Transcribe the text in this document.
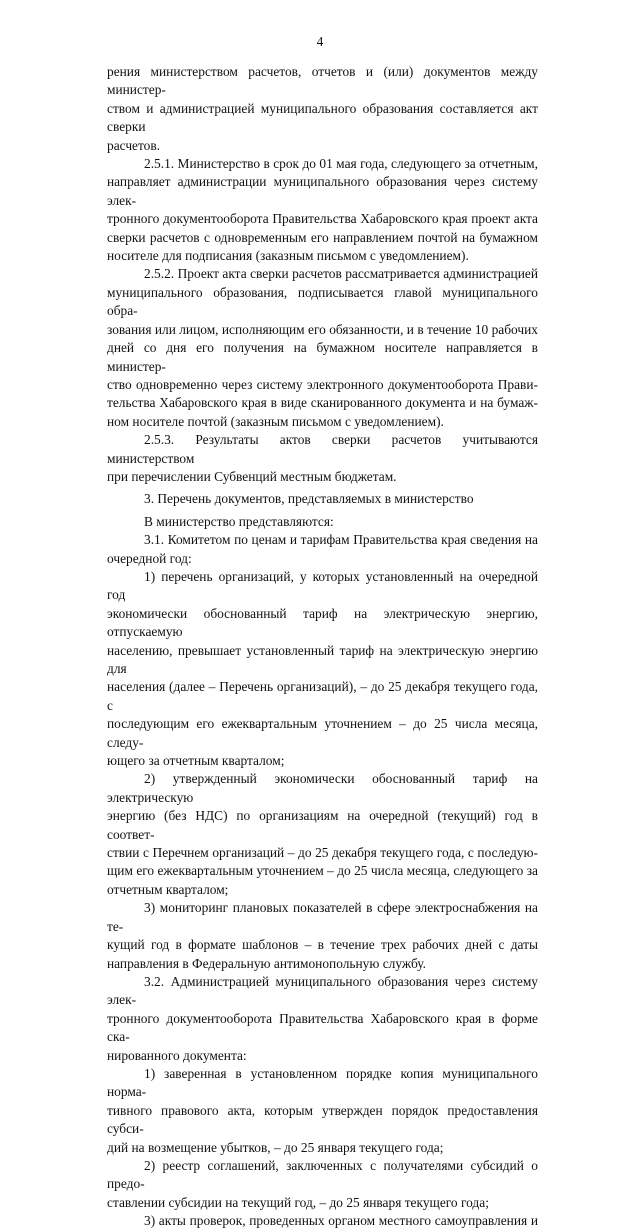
4

рения министерством расчетов, отчетов и (или) документов между министер-

ством и администрацией муниципального образования составляется акт сверки

расчетов.

2.5.1. Министерство в срок до 01 мая года, следующего за отчетным,

направляет администрации муниципального образования через систему элек-

тронного документооборота Правительства Хабаровского края проект акта

сверки расчетов с одновременным его направлением почтой на бумажном

носителе для подписания (заказным письмом с уведомлением).

2.5.2. Проект акта сверки расчетов рассматривается администрацией

муниципального образования, подписывается главой муниципального обра-

зования или лицом, исполняющим его обязанности, и в течение 10 рабочих

дней со дня его получения на бумажном носителе направляется в министер-

ство одновременно через систему электронного документооборота Прави-

тельства Хабаровского края в виде сканированного документа и на бумаж-

ном носителе почтой (заказным письмом с уведомлением).

2.5.3. Результаты актов сверки расчетов учитываются министерством

при перечислении Субвенций местным бюджетам.

3. Перечень документов, представляемых в министерство

В министерство представляются:

3.1. Комитетом по ценам и тарифам Правительства края сведения на

очередной год:

1) перечень организаций, у которых установленный на очередной год

экономически обоснованный тариф на электрическую энергию, отпускаемую

населению, превышает установленный тариф на электрическую энергию для

населения (далее – Перечень организаций), – до 25 декабря текущего года, с

последующим его ежеквартальным уточнением – до 25 числа месяца, следу-

ющего за отчетным кварталом;

2) утвержденный экономически обоснованный тариф на электрическую

энергию (без НДС) по организациям на очередной (текущий) год в соответ-

ствии с Перечнем организаций – до 25 декабря текущего года, с последую-

щим его ежеквартальным уточнением – до 25 числа месяца, следующего за

отчетным кварталом;

3) мониторинг плановых показателей в сфере электроснабжения на те-

кущий год в формате шаблонов – в течение трех рабочих дней с даты

направления в Федеральную антимонопольную службу.

3.2. Администрацией муниципального образования через систему элек-

тронного документооборота Правительства Хабаровского края в форме ска-

нированного документа:

1) заверенная в установленном порядке копия муниципального норма-

тивного правового акта, которым утвержден порядок предоставления субси-

дий на возмещение убытков, – до 25 января текущего года;

2) реестр соглашений, заключенных с получателями субсидий о предо-

ставлении субсидии на текущий год, – до 25 января текущего года;

3) акты проверок, проведенных органом местного самоуправления и
